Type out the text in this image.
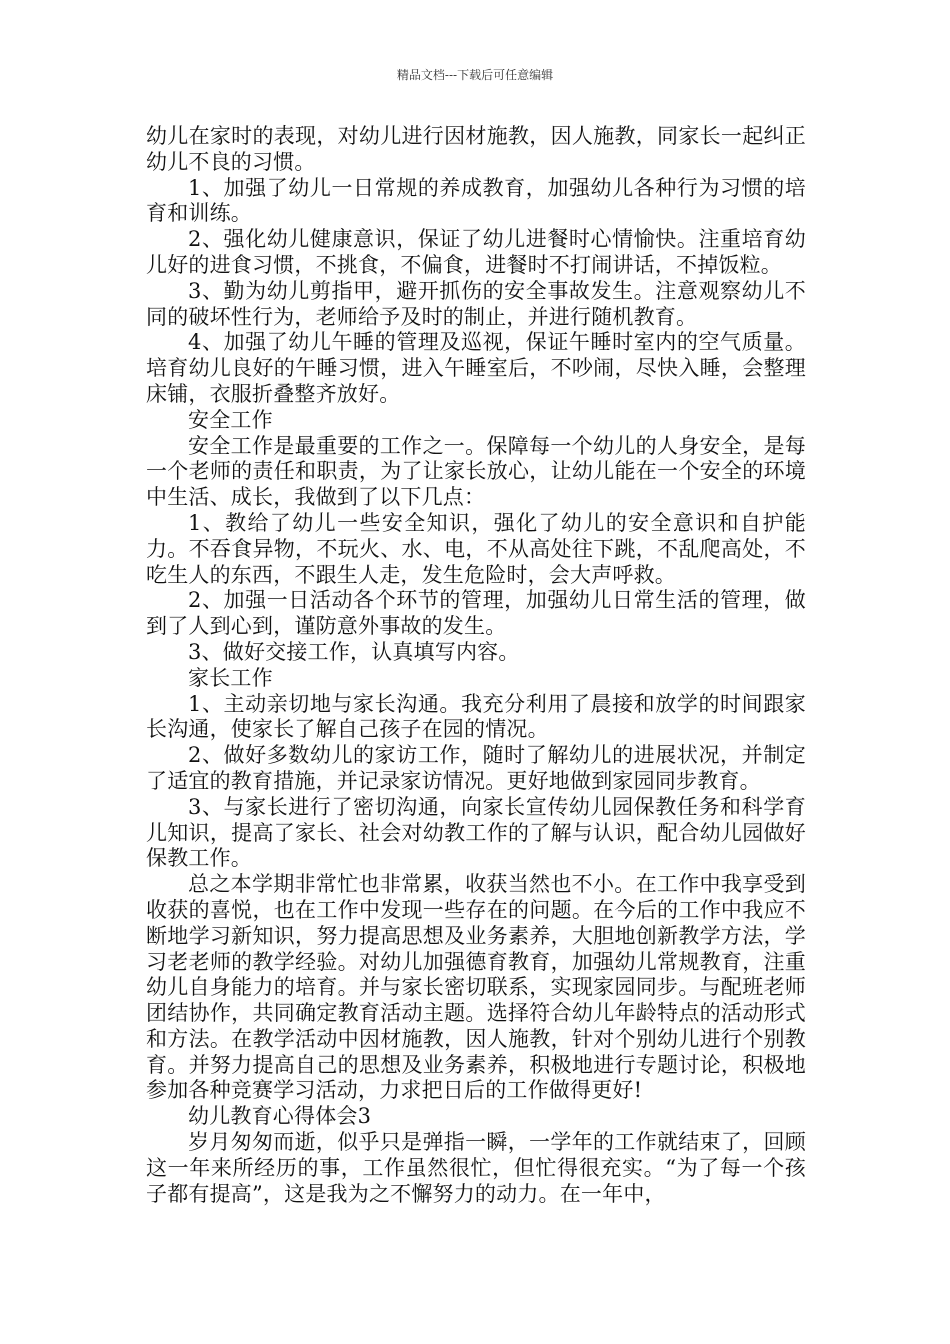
精品文档---下载后可任意编辑

幼儿在家时的表现，对幼儿进行因材施教，因人施教，同家长一起纠正幼儿不良的习惯。

1、加强了幼儿一日常规的养成教育，加强幼儿各种行为习惯的培育和训练。

2、强化幼儿健康意识，保证了幼儿进餐时心情愉快。注重培育幼儿好的进食习惯，不挑食，不偏食，进餐时不打闹讲话，不掉饭粒。

3、勤为幼儿剪指甲，避开抓伤的安全事故发生。注意观察幼儿不同的破坏性行为，老师给予及时的制止，并进行随机教育。

4、加强了幼儿午睡的管理及巡视，保证午睡时室内的空气质量。培育幼儿良好的午睡习惯，进入午睡室后，不吵闹，尽快入睡，会整理床铺，衣服折叠整齐放好。

安全工作

安全工作是最重要的工作之一。保障每一个幼儿的人身安全，是每一个老师的责任和职责，为了让家长放心，让幼儿能在一个安全的环境中生活、成长，我做到了以下几点：

1、教给了幼儿一些安全知识，强化了幼儿的安全意识和自护能力。不吞食异物，不玩火、水、电，不从高处往下跳，不乱爬高处，不吃生人的东西，不跟生人走，发生危险时，会大声呼救。

2、加强一日活动各个环节的管理，加强幼儿日常生活的管理，做到了人到心到，谨防意外事故的发生。

3、做好交接工作，认真填写内容。

家长工作

1、主动亲切地与家长沟通。我充分利用了晨接和放学的时间跟家长沟通，使家长了解自己孩子在园的情况。

2、做好多数幼儿的家访工作，随时了解幼儿的进展状况，并制定了适宜的教育措施，并记录家访情况。更好地做到家园同步教育。

3、与家长进行了密切沟通，向家长宣传幼儿园保教任务和科学育儿知识，提高了家长、社会对幼教工作的了解与认识，配合幼儿园做好保教工作。

总之本学期非常忙也非常累，收获当然也不小。在工作中我享受到收获的喜悦，也在工作中发现一些存在的问题。在今后的工作中我应不断地学习新知识，努力提高思想及业务素养，大胆地创新教学方法，学习老老师的教学经验。对幼儿加强德育教育，加强幼儿常规教育，注重幼儿自身能力的培育。并与家长密切联系，实现家园同步。与配班老师团结协作，共同确定教育活动主题。选择符合幼儿年龄特点的活动形式和方法。在教学活动中因材施教，因人施教，针对个别幼儿进行个别教育。并努力提高自己的思想及业务素养，积极地进行专题讨论，积极地参加各种竞赛学习活动，力求把日后的工作做得更好!

幼儿教育心得体会3

岁月匆匆而逝，似乎只是弹指一瞬，一学年的工作就结束了，回顾这一年来所经历的事，工作虽然很忙，但忙得很充实。“为了每一个孩子都有提高”，这是我为之不懈努力的动力。在一年中，
